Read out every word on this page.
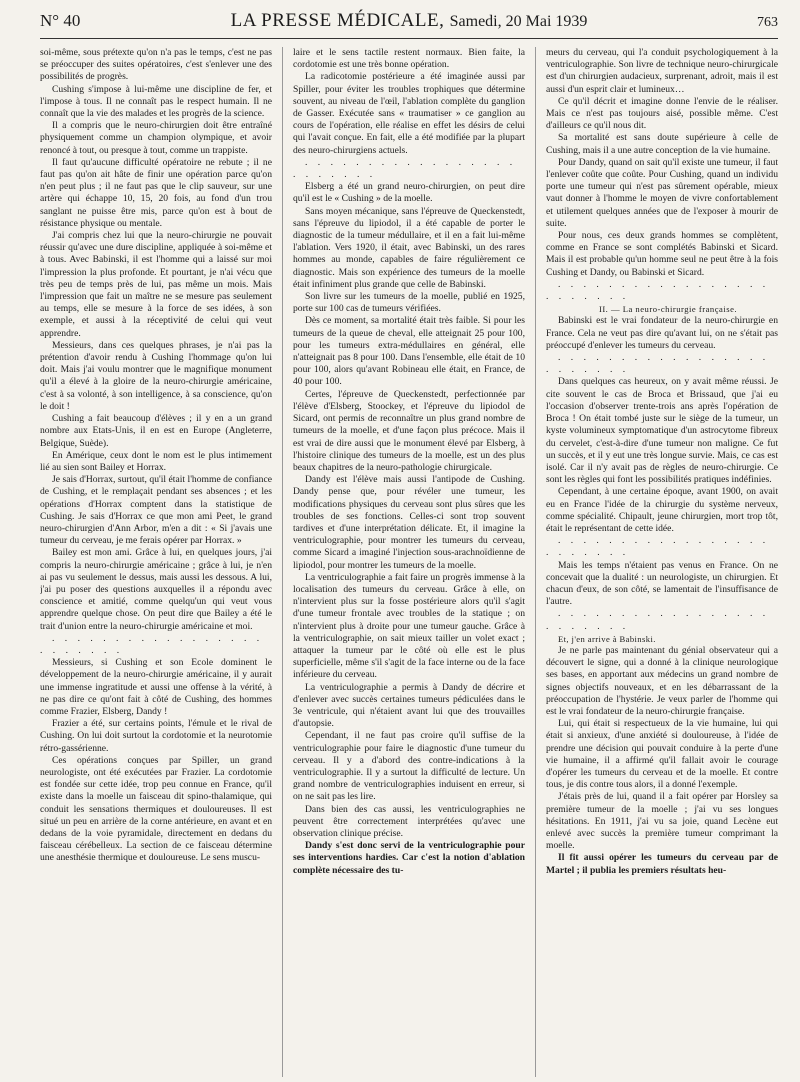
N° 40	LA PRESSE MÉDICALE, Samedi, 20 Mai 1939	763

soi-même, sous prétexte qu'on n'a pas le temps, c'est ne pas se préoccuper des suites opératoires, c'est s'enlever une des possibilités de progrès.

Cushing s'impose à lui-même une discipline de fer, et l'impose à tous. Il ne connaît pas le respect humain. Il ne connaît que la vie des malades et les progrès de la science.

Il a compris que le neuro-chirurgien doit être entraîné physiquement comme un champion olympique, et avoir renoncé à tout, ou presque à tout, comme un trappiste.

Il faut qu'aucune difficulté opératoire ne rebute ; il ne faut pas qu'on ait hâte de finir une opération parce qu'on n'en peut plus ; il ne faut pas que le clip sauveur, sur une artère qui échappe 10, 15, 20 fois, au fond d'un trou sanglant ne puisse être mis, parce qu'on est à bout de résistance physique ou mentale.

J'ai compris chez lui que la neuro-chirurgie ne pouvait réussir qu'avec une dure discipline, appliquée à soi-même et à tous. Avec Babinski, il est l'homme qui a laissé sur moi l'impression la plus profonde. Et pourtant, je n'ai vécu que très peu de temps près de lui, pas même un mois. Mais l'impression que fait un maître ne se mesure pas seulement au temps, elle se mesure à la force de ses idées, à son exemple, et aussi à la réceptivité de celui qui veut apprendre.

Messieurs, dans ces quelques phrases, je n'ai pas la prétention d'avoir rendu à Cushing l'hommage qu'on lui doit. Mais j'ai voulu montrer que le magnifique monument qu'il a élevé à la gloire de la neuro-chirurgie américaine, c'est à sa volonté, à son intelligence, à sa conscience, qu'on le doit !

Cushing a fait beaucoup d'élèves ; il y en a un grand nombre aux Etats-Unis, il en est en Europe (Angleterre, Belgique, Suède).

En Amérique, ceux dont le nom est le plus intimement lié au sien sont Bailey et Horrax.

Je sais d'Horrax, surtout, qu'il était l'homme de confiance de Cushing, et le remplaçait pendant ses absences ; et les opérations d'Horrax comptent dans la statistique de Cushing. Je sais d'Horrax ce que mon ami Peet, le grand neuro-chirurgien d'Ann Arbor, m'en a dit : « Si j'avais une tumeur du cerveau, je me ferais opérer par Horrax. »

Bailey est mon ami. Grâce à lui, en quelques jours, j'ai compris la neuro-chirurgie américaine ; grâce à lui, je n'en ai pas vu seulement le dessus, mais aussi les dessous. A lui, j'ai pu poser des questions auxquelles il a répondu avec conscience et amitié, comme quelqu'un qui veut vous apprendre quelque chose. On peut dire que Bailey a été le trait d'union entre la neuro-chirurgie américaine et moi.

. . . . . . . . . . . . . . . . . . . . . . . .

Messieurs, si Cushing et son Ecole dominent le développement de la neuro-chirurgie américaine, il y aurait une immense ingratitude et aussi une offense à la vérité, à ne pas dire ce qu'ont fait à côté de Cushing, des hommes comme Frazier, Elsberg, Dandy !

Frazier a été, sur certains points, l'émule et le rival de Cushing. On lui doit surtout la cordotomie et la neurotomie rétro-gassérienne.

Ces opérations conçues par Spiller, un grand neurologiste, ont été exécutées par Frazier. La cordotomie est fondée sur cette idée, trop peu connue en France, qu'il existe dans la moelle un faisceau dit spino-thalamique, qui conduit les sensations thermiques et douloureuses. Il est situé un peu en arrière de la corne antérieure, en avant et en dedans de la voie pyramidale, directement en dedans du faisceau cérébelleux. La section de ce faisceau détermine une anesthésie thermique et douloureuse. Le sens muscu-

laire et le sens tactile restent normaux. Bien faite, la cordotomie est une très bonne opération.

La radicotomie postérieure a été imaginée aussi par Spiller, pour éviter les troubles trophiques que détermine souvent, au niveau de l'œil, l'ablation complète du ganglion de Gasser. Exécutée sans « traumatiser » ce ganglion au cours de l'opération, elle réalise en effet les désirs de celui qui l'avait conçue. En fait, elle a été modifiée par la plupart des neuro-chirurgiens actuels.

. . . . . . . . . . . . . . . . . . . . . . . .

Elsberg a été un grand neuro-chirurgien, on peut dire qu'il est le « Cushing » de la moelle.

Sans moyen mécanique, sans l'épreuve de Queckenstedt, sans l'épreuve du lipiodol, il a été capable de porter le diagnostic de la tumeur médullaire, et il en a fait lui-même l'ablation. Vers 1920, il était, avec Babinski, un des rares hommes au monde, capables de faire régulièrement ce diagnostic. Mais son expérience des tumeurs de la moelle était infiniment plus grande que celle de Babinski.

Son livre sur les tumeurs de la moelle, publié en 1925, porte sur 100 cas de tumeurs vérifiées.

Dès ce moment, sa mortalité était très faible. Si pour les tumeurs de la queue de cheval, elle atteignait 25 pour 100, pour les tumeurs extra-médullaires en général, elle n'atteignait pas 8 pour 100. Dans l'ensemble, elle était de 10 pour 100, alors qu'avant Robineau elle était, en France, de 40 pour 100.

Certes, l'épreuve de Queckenstedt, perfectionnée par l'élève d'Elsberg, Stoockey, et l'épreuve du lipiodol de Sicard, ont permis de reconnaître un plus grand nombre de tumeurs de la moelle, et d'une façon plus précoce. Mais il est vrai de dire aussi que le monument élevé par Elsberg, à l'histoire clinique des tumeurs de la moelle, est un des plus beaux chapitres de la neuro-pathologie chirurgicale.

Dandy est l'élève mais aussi l'antipode de Cushing. Dandy pense que, pour révéler une tumeur, les modifications physiques du cerveau sont plus sûres que les troubles de ses fonctions. Celles-ci sont trop souvent tardives et d'une interprétation délicate. Et, il imagine la ventriculographie, pour montrer les tumeurs du cerveau, comme Sicard a imaginé l'injection sous-arachnoïdienne de lipiodol, pour montrer les tumeurs de la moelle.

La ventriculographie a fait faire un progrès immense à la localisation des tumeurs du cerveau. Grâce à elle, on n'intervient plus sur la fosse postérieure alors qu'il s'agit d'une tumeur frontale avec troubles de la statique ; on n'intervient plus à droite pour une tumeur gauche. Grâce à la ventriculographie, on sait mieux tailler un volet exact ; attaquer la tumeur par le côté où elle est le plus superficielle, même s'il s'agit de la face interne ou de la face inférieure du cerveau.

La ventriculographie a permis à Dandy de décrire et d'enlever avec succès certaines tumeurs pédiculées dans le 3e ventricule, qui n'étaient avant lui que des trouvailles d'autopsie.

Cependant, il ne faut pas croire qu'il suffise de la ventriculographie pour faire le diagnostic d'une tumeur du cerveau. Il y a d'abord des contre-indications à la ventriculographie. Il y a surtout la difficulté de lecture. Un grand nombre de ventriculographies induisent en erreur, si on ne sait pas les lire.

Dans bien des cas aussi, les ventriculographies ne peuvent être correctement interprétées qu'avec une observation clinique précise.

Dandy s'est donc servi de la ventriculographie pour ses interventions hardies. Car c'est la notion d'ablation complète nécessaire des tu-

meurs du cerveau, qui l'a conduit psychologiquement à la ventriculographie. Son livre de technique neuro-chirurgicale est d'un chirurgien audacieux, surprenant, adroit, mais il est aussi d'un esprit clair et lumineux…

Ce qu'il décrit et imagine donne l'envie de le réaliser. Mais ce n'est pas toujours aisé, possible même. C'est d'ailleurs ce qu'il nous dit.

Sa mortalité est sans doute supérieure à celle de Cushing, mais il a une autre conception de la vie humaine.

Pour Dandy, quand on sait qu'il existe une tumeur, il faut l'enlever coûte que coûte. Pour Cushing, quand un individu porte une tumeur qui n'est pas sûrement opérable, mieux vaut donner à l'homme le moyen de vivre confortablement et utilement quelques années que de l'exposer à mourir de suite.

Pour nous, ces deux grands hommes se complètent, comme en France se sont complétés Babinski et Sicard. Mais il est probable qu'un homme seul ne peut être à la fois Cushing et Dandy, ou Babinski et Sicard.

. . . . . . . . . . . . . . . . . . . . . . . .

II. — La neuro-chirurgie française.

Babinski est le vrai fondateur de la neuro-chirurgie en France. Cela ne veut pas dire qu'avant lui, on ne s'était pas préoccupé d'enlever les tumeurs du cerveau.

. . . . . . . . . . . . . . . . . . . . . . . .

Dans quelques cas heureux, on y avait même réussi. Je cite souvent le cas de Broca et Brissaud, que j'ai eu l'occasion d'observer trente-trois ans après l'opération de Broca ! On était tombé juste sur le siège de la tumeur, un kyste volumineux symptomatique d'un astrocytome fibreux du cervelet, c'est-à-dire d'une tumeur non maligne. Ce fut un succès, et il y eut une très longue survie. Mais, ce cas est isolé. Car il n'y avait pas de règles de neuro-chirurgie. Ce sont les règles qui font les possibilités pratiques indéfinies.

Cependant, à une certaine époque, avant 1900, on avait eu en France l'idée de la chirurgie du système nerveux, comme spécialité. Chipault, jeune chirurgien, mort trop tôt, était le représentant de cette idée.

. . . . . . . . . . . . . . . . . . . . . . . .

Mais les temps n'étaient pas venus en France. On ne concevait que la dualité : un neurologiste, un chirurgien. Et chacun d'eux, de son côté, se lamentait de l'insuffisance de l'autre.

. . . . . . . . . . . . . . . . . . . . . . . .

Et, j'en arrive à Babinski.

Je ne parle pas maintenant du génial observateur qui a découvert le signe, qui a donné à la clinique neurologique ses bases, en apportant aux médecins un grand nombre de signes objectifs nouveaux, et en les débarrassant de la préoccupation de l'hystérie. Je veux parler de l'homme qui est le vrai fondateur de la neuro-chirurgie française.

Lui, qui était si respectueux de la vie humaine, lui qui était si anxieux, d'une anxiété si douloureuse, à l'idée de prendre une décision qui pouvait conduire à la perte d'une vie humaine, il a affirmé qu'il fallait avoir le courage d'opérer les tumeurs du cerveau et de la moelle. Et contre tous, je dis contre tous alors, il a donné l'exemple.

J'étais près de lui, quand il a fait opérer par Horsley sa première tumeur de la moelle ; j'ai vu ses longues hésitations. En 1911, j'ai vu sa joie, quand Lecène eut enlevé avec succès la première tumeur comprimant la moelle.

Il fit aussi opérer les tumeurs du cerveau par de Martel ; il publia les premiers résultats heu-
